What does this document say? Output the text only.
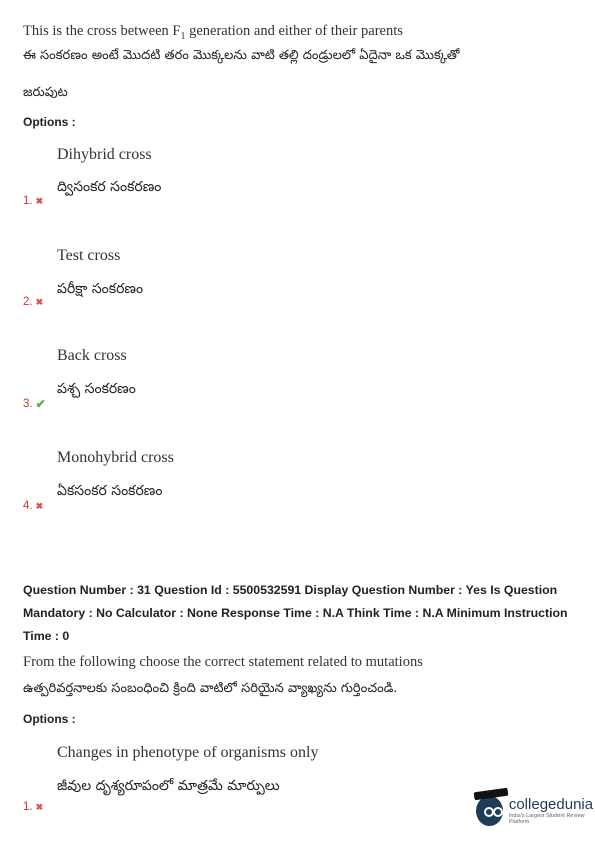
This is the cross between $F_1$ generation and either of their parents
ఈ సంకరణం అంటే మొదటి తరం మొక్కలను వాటి తల్లి దండ్రులలో ఏదైనా ఒక మొక్కతో
జరుపుట
Options :
Dihybrid cross
ద్విసంకర సంకరణం
1. ✖
Test cross
పరీక్షా సంకరణం
2. ✖
Back cross
పశ్చ సంకరణం
3. ✔
Monohybrid cross
ఏకసంకర సంకరణం
4. ✖
Question Number : 31 Question Id : 5500532591 Display Question Number : Yes Is Question Mandatory : No Calculator : None Response Time : N.A Think Time : N.A Minimum Instruction Time : 0
From the following choose the correct statement related to mutations
ఉత్పరివర్తనాలకు సంబంధించి క్రింది వాటిలో సరియైన వ్యాఖ్యను గుర్తించండి.
Options :
Changes in phenotype of organisms only
జీవుల దృశ్యరూపంలో మాత్రమే మార్పులు
1. ✖	collegedunia
India's Largest Student Review Platform
